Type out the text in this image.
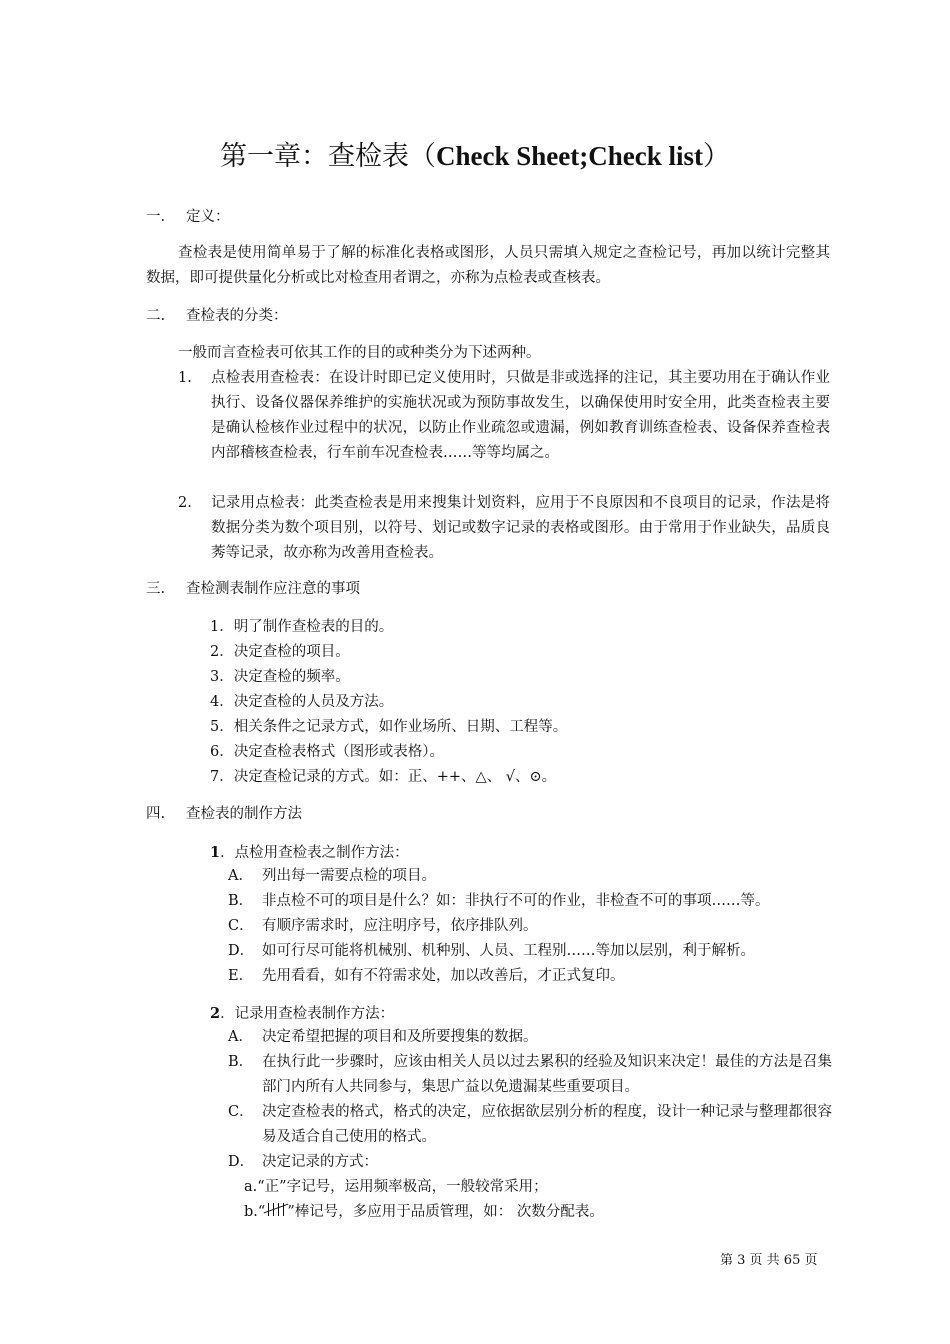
第一章：查检表（Check Sheet;Check list）
一. 定义：
查检表是使用简单易于了解的标准化表格或图形，人员只需填入规定之查检记号，再加以统计完整其数据，即可提供量化分析或比对检查用者谓之，亦称为点检表或查核表。
二. 查检表的分类：
一般而言查检表可依其工作的目的或种类分为下述两种。
1. 点检表用查检表：在设计时即已定义使用时，只做是非或选择的注记，其主要功用在于确认作业执行、设备仪器保养维护的实施状况或为预防事故发生，以确保使用时安全用，此类查检表主要是确认检核作业过程中的状况，以防止作业疏忽或遗漏，例如教育训练查检表、设备保养查检表内部稽核查检表，行车前车况查检表……等等均属之。
2. 记录用点检表：此类查检表是用来搜集计划资料，应用于不良原因和不良项目的记录，作法是将数据分类为数个项目别，以符号、划记或数字记录的表格或图形。由于常用于作业缺失，品质良莠等记录，故亦称为改善用查检表。
三. 查检测表制作应注意的事项
1．明了制作查检表的目的。
2．决定查检的项目。
3．决定查检的频率。
4．决定查检的人员及方法。
5．相关条件之记录方式，如作业场所、日期、工程等。
6．决定查检表格式（图形或表格）。
7．决定查检记录的方式。如：正、++、△、 √、⊙。
四. 查检表的制作方法
1．点检用查检表之制作方法：
A． 列出每一需要点检的项目。
B． 非点检不可的项目是什么？如：非执行不可的作业，非检查不可的事项……等。
C． 有顺序需求时，应注明序号，依序排队列。
D． 如可行尽可能将机械别、机种别、人员、工程别……等加以层别，利于解析。
E． 先用看看，如有不符需求处，加以改善后，才正式复印。
2．记录用查检表制作方法：
A． 决定希望把握的项目和及所要搜集的数据。
B． 在执行此一步骤时，应该由相关人员以过去累积的经验及知识来决定！最佳的方法是召集部门内所有人共同参与，集思广益以免遗漏某些重要项目。
C． 决定查检表的格式，格式的决定，应依据欲层别分析的程度，设计一种记录与整理都很容易及适合自己使用的格式。
D． 决定记录的方式：
a.“正”字记号，运用频率极高，一般较常采用；
b.“ ”棒记号，多应用于品质管理，如： 次数分配表。
第 3 页 共 65 页
